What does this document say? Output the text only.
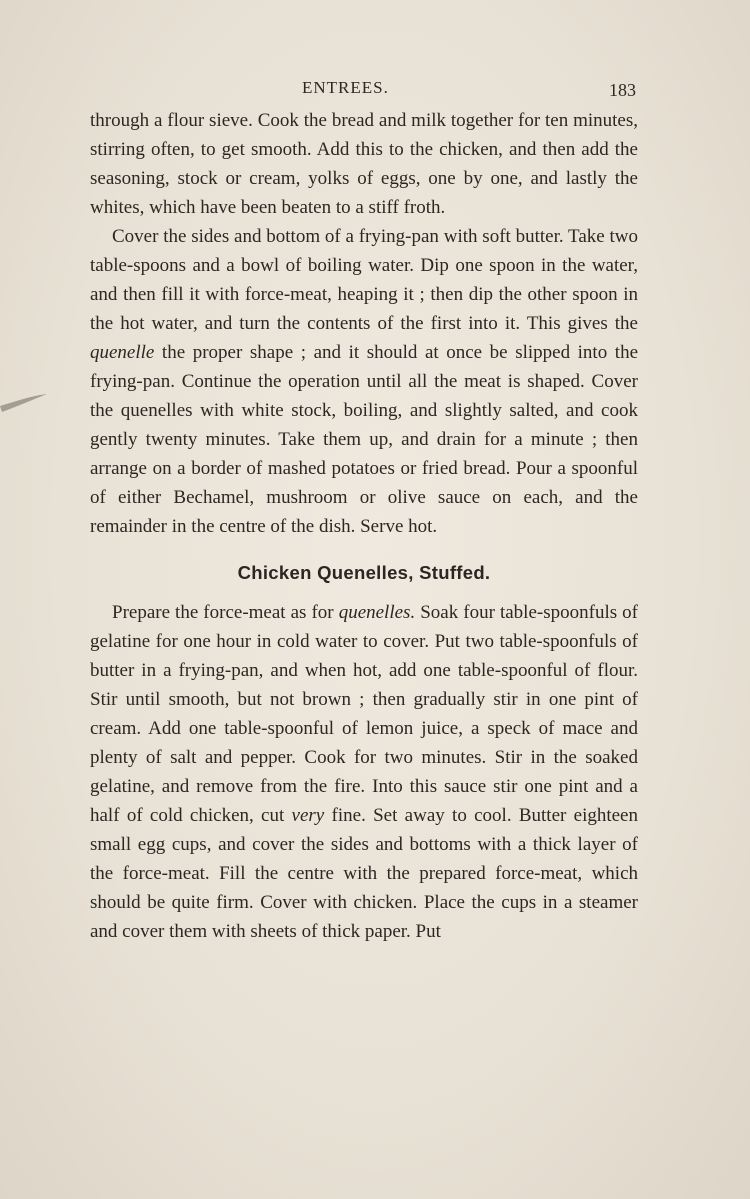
ENTREES.	183

through a flour sieve. Cook the bread and milk together for ten minutes, stirring often, to get smooth. Add this to the chicken, and then add the seasoning, stock or cream, yolks of eggs, one by one, and lastly the whites, which have been beaten to a stiff froth.

Cover the sides and bottom of a frying-pan with soft butter. Take two table-spoons and a bowl of boiling water. Dip one spoon in the water, and then fill it with force-meat, heaping it ; then dip the other spoon in the hot water, and turn the contents of the first into it. This gives the quenelle the proper shape ; and it should at once be slipped into the frying-pan. Continue the operation until all the meat is shaped. Cover the quenelles with white stock, boiling, and slightly salted, and cook gently twenty minutes. Take them up, and drain for a minute ; then arrange on a border of mashed potatoes or fried bread. Pour a spoonful of either Bechamel, mushroom or olive sauce on each, and the remainder in the centre of the dish. Serve hot.

Chicken Quenelles, Stuffed.

Prepare the force-meat as for quenelles. Soak four table-spoonfuls of gelatine for one hour in cold water to cover. Put two table-spoonfuls of butter in a frying-pan, and when hot, add one table-spoonful of flour. Stir until smooth, but not brown ; then gradually stir in one pint of cream. Add one table-spoonful of lemon juice, a speck of mace and plenty of salt and pepper. Cook for two minutes. Stir in the soaked gelatine, and remove from the fire. Into this sauce stir one pint and a half of cold chicken, cut very fine. Set away to cool. Butter eighteen small egg cups, and cover the sides and bottoms with a thick layer of the force-meat. Fill the centre with the prepared force-meat, which should be quite firm. Cover with chicken. Place the cups in a steamer and cover them with sheets of thick paper. Put
